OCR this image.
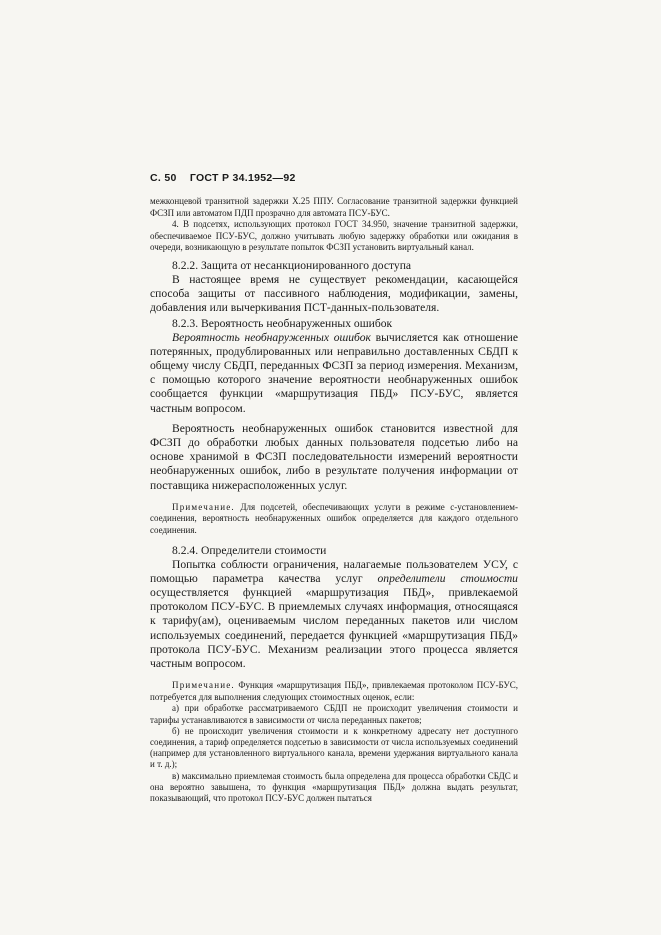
С. 50 ГОСТ Р 34.1952—92

межконцевой транзитной задержки Х.25 ППУ. Согласование транзитной задержки функцией ФСЗП или автоматом ПДП прозрачно для автомата ПСУ-БУС.

4. В подсетях, использующих протокол ГОСТ 34.950, значение транзитной задержки, обеспечиваемое ПСУ-БУС, должно учитывать любую задержку обработки или ожидания в очереди, возникающую в результате попыток ФСЗП установить виртуальный канал.

8.2.2. Защита от несанкционированного доступа

В настоящее время не существует рекомендации, касающейся способа защиты от пассивного наблюдения, модификации, замены, добавления или вычеркивания ПСТ-данных-пользователя.

8.2.3. Вероятность необнаруженных ошибок

Вероятность необнаруженных ошибок вычисляется как отношение потерянных, продублированных или неправильно доставленных СБДП к общему числу СБДП, переданных ФСЗП за период измерения. Механизм, с помощью которого значение вероятности необнаруженных ошибок сообщается функции «маршрутизация ПБД» ПСУ-БУС, является частным вопросом.

Вероятность необнаруженных ошибок становится известной для ФСЗП до обработки любых данных пользователя подсетью либо на основе хранимой в ФСЗП последовательности измерений вероятности необнаруженных ошибок, либо в результате получения информации от поставщика нижерасположенных услуг.

Примечание. Для подсетей, обеспечивающих услуги в режиме с-установлением-соединения, вероятность необнаруженных ошибок определяется для каждого отдельного соединения.

8.2.4. Определители стоимости

Попытка соблюсти ограничения, налагаемые пользователем УСУ, с помощью параметра качества услуг определители стоимости осуществляется функцией «маршрутизация ПБД», привлекаемой протоколом ПСУ-БУС. В приемлемых случаях информация, относящаяся к тарифу(ам), оцениваемым числом переданных пакетов или числом используемых соединений, передается функцией «маршрутизация ПБД» протокола ПСУ-БУС. Механизм реализации этого процесса является частным вопросом.

Примечание. Функция «маршрутизация ПБД», привлекаемая протоколом ПСУ-БУС, потребуется для выполнения следующих стоимостных оценок, если:

а) при обработке рассматриваемого СБДП не происходит увеличения стоимости и тарифы устанавливаются в зависимости от числа переданных пакетов;

б) не происходит увеличения стоимости и к конкретному адресату нет доступного соединения, а тариф определяется подсетью в зависимости от числа используемых соединений (например для установленного виртуального канала, времени удержания виртуального канала и т. д.);

в) максимально приемлемая стоимость была определена для процесса обработки СБДС и она вероятно завышена, то функция «маршрутизация ПБД» должна выдать результат, показывающий, что протокол ПСУ-БУС должен пытаться
